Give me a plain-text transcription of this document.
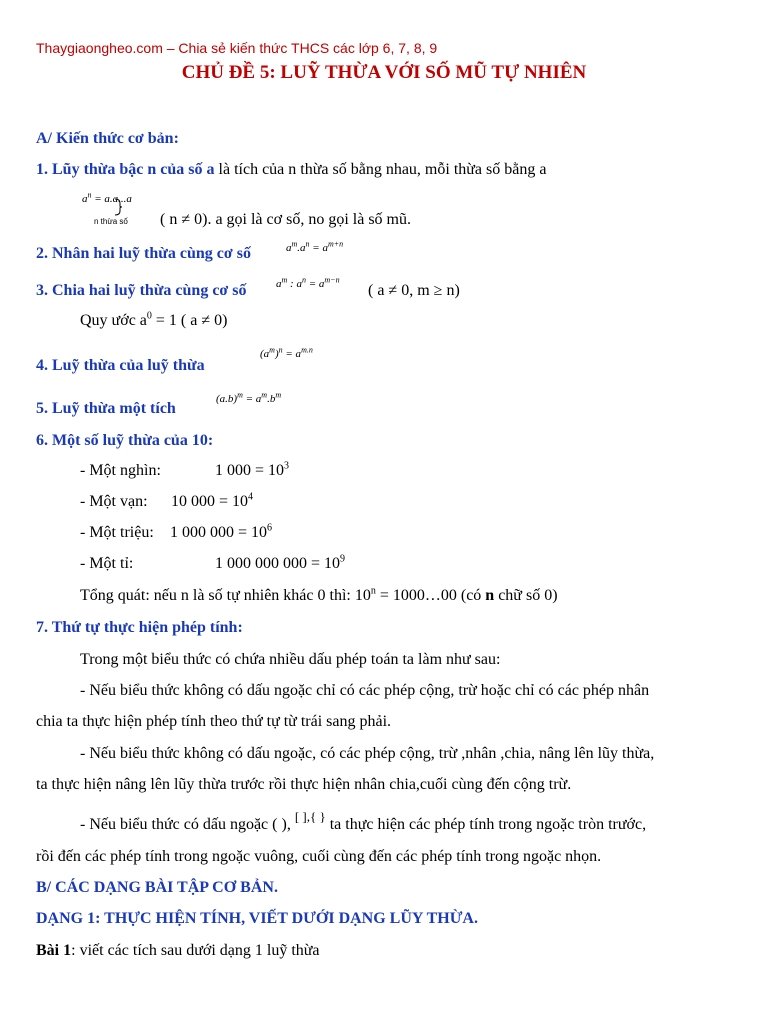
Thaygiaongheo.com – Chia sẻ kiến thức THCS các lớp 6, 7, 8, 9
CHỦ ĐỀ 5: LUỸ THỪA VỚI SỐ MŨ TỰ NHIÊN
A/ Kiến thức cơ bản:
1. Lũy thừa bậc n của số a là tích của n thừa số bằng nhau, mỗi thừa số bằng a
$a^n = a.a...a$
n thừa số ( n ≠ 0). a gọi là cơ số, no gọi là số mũ.
2. Nhân hai luỹ thừa cùng cơ số	$a^m.a^n = a^{m+n}$
3. Chia hai luỹ thừa cùng cơ số	$a^m$ : $a^n = a^{m-n}$
( a ≠ 0, m ≥ n)
Quy ước $a^0 = 1$ ( a ≠ 0)
4. Luỹ thừa của luỹ thừa
$(a^m)^n = a^{m.n}$
5. Luỹ thừa một tích
$(a.b)^m = a^m.b^m$
6. Một số luỹ thừa của 10:
- Một nghìn:	1 $000 = 10^3$
- Một vạn: 10 $000 = 10^4$
- Một triệu: 1 000 $000 = 10^6$
- Một tỉ:	1 000 000 $000 = 10^9$
Tổng quát: nếu n là số tự nhiên khác 0 thì: $10^n$ = 1000…00 (có n chữ số 0)
7. Thứ tự thực hiện phép tính:
Trong một biểu thức có chứa nhiều dấu phép toán ta làm như sau:
- Nếu biểu thức không có dấu ngoặc chỉ có các phép cộng, trừ hoặc chỉ có các phép nhân
chia ta thực hiện phép tính theo thứ tự từ trái sang phải.
- Nếu biểu thức không có dấu ngoặc, có các phép cộng, trừ ,nhân ,chia, nâng lên lũy thừa,
ta thực hiện nâng lên lũy thừa trước rồi thực hiện nhân chia,cuối cùng đến cộng trừ.
- Nếu biểu thức có dấu ngoặc ( ), [ ],{ } ta thực hiện các phép tính trong ngoặc tròn trước,
rồi đến các phép tính trong ngoặc vuông, cuối cùng đến các phép tính trong ngoặc nhọn.
B/ CÁC DẠNG BÀI TẬP CƠ BẢN.
DẠNG 1: THỰC HIỆN TÍNH, VIẾT DƯỚI DẠNG LŨY THỪA.
Bài 1: viết các tích sau dưới dạng 1 luỹ thừa
